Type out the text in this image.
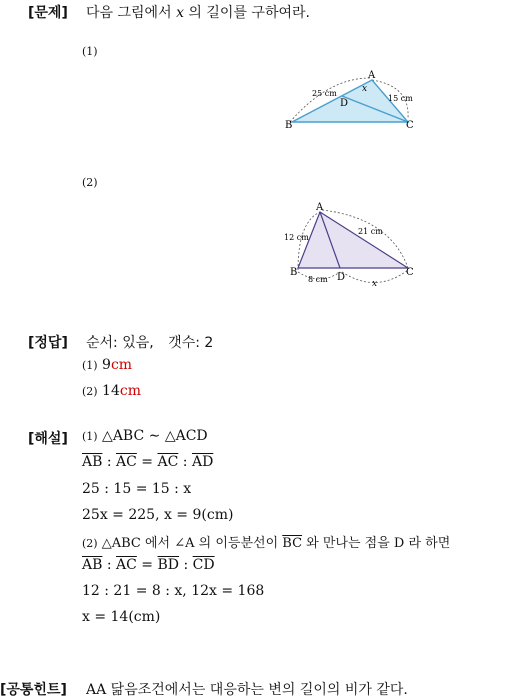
[문제] 다음 그림에서 x 의 길이를 구하여라.
(1)
A
B	C
D
25 cm
15 cm
x
(2)
A
B	C
D
12 cm
21 cm
8 cm	x
[정답] 순서: 있음, 갯수: 2
(1) 9cm
(2) 14cm
[해설] (1) △ABC ∼ △ACD
$\overline{AB}$ : $\overline{AC} = \overline{AC}$ : $\overline{AD}$
25 : 15 = 15 : x
25x = 225, x = 9(cm)
(2) △ABC 에서 ∠A 의 이등분선이 $\overline{BC}$ 와 만나는 점을 D 라 하면
$\overline{AB}$ : $\overline{AC} = \overline{BD}$ : $\overline{CD}$
12 : 21 = 8 : x, 12x = 168
x = 14(cm)
[공통힌트] AA 닮음조건에서는 대응하는 변의 길이의 비가 같다.
